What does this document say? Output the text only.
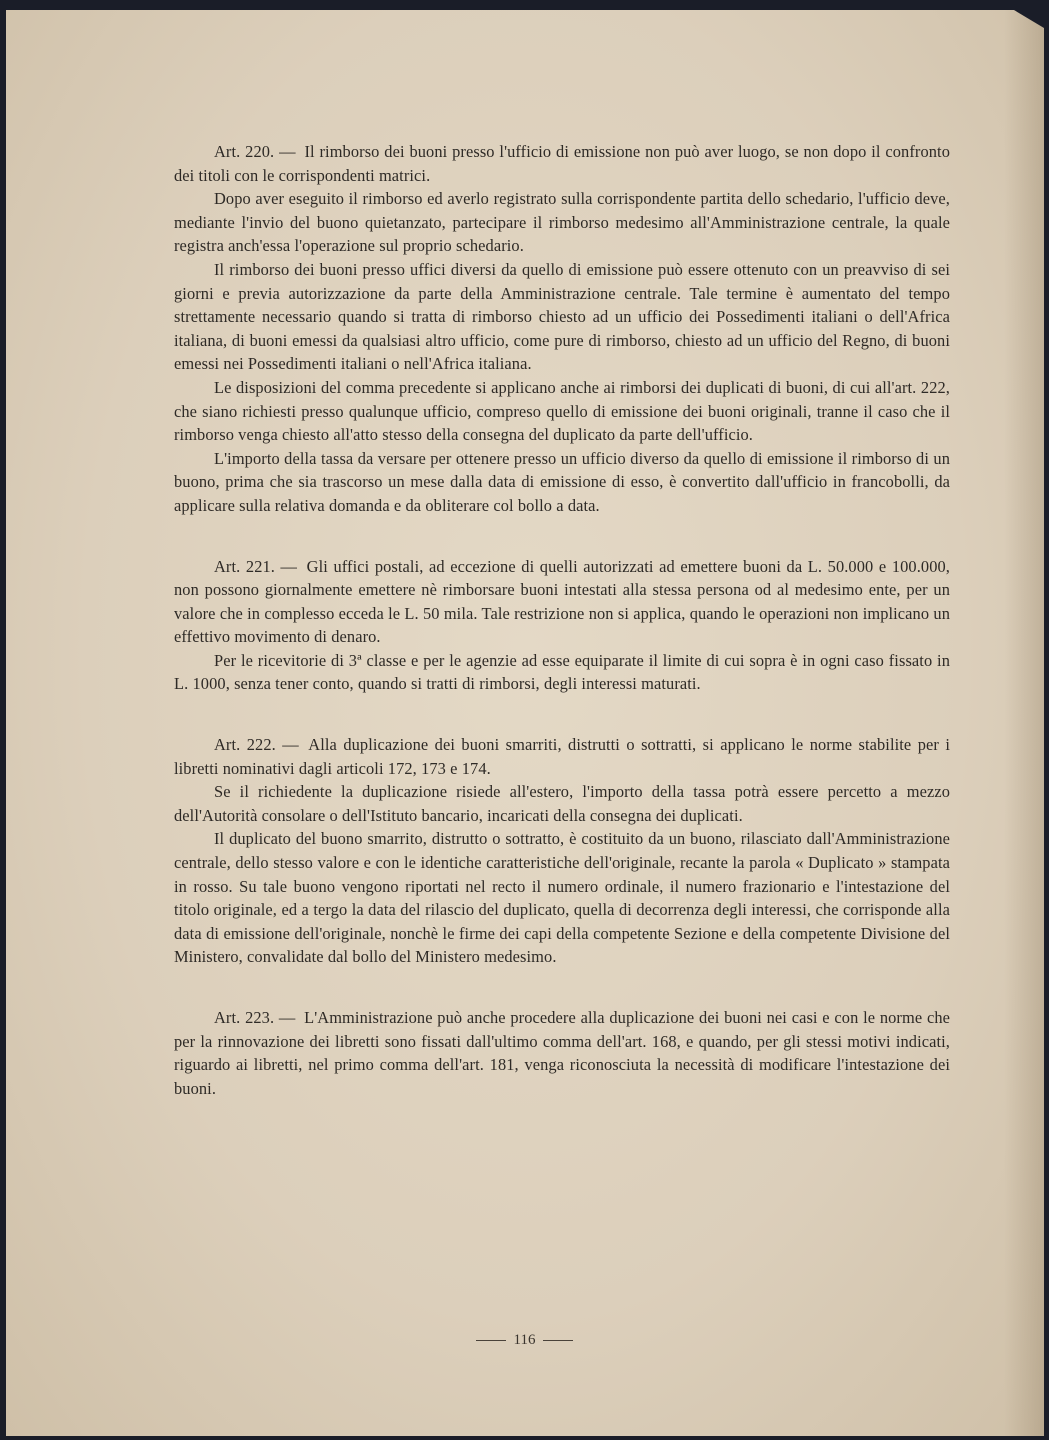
Art. 220. — Il rimborso dei buoni presso l'ufficio di emissione non può aver luogo, se non dopo il confronto dei titoli con le corrispondenti matrici.

Dopo aver eseguito il rimborso ed averlo registrato sulla corrispondente partita dello schedario, l'ufficio deve, mediante l'invio del buono quietanzato, partecipare il rimborso medesimo all'Amministrazione centrale, la quale registra anch'essa l'operazione sul proprio schedario.

Il rimborso dei buoni presso uffici diversi da quello di emissione può essere ottenuto con un preavviso di sei giorni e previa autorizzazione da parte della Amministrazione centrale. Tale termine è aumentato del tempo strettamente necessario quando si tratta di rimborso chiesto ad un ufficio dei Possedimenti italiani o dell'Africa italiana, di buoni emessi da qualsiasi altro ufficio, come pure di rimborso, chiesto ad un ufficio del Regno, di buoni emessi nei Possedimenti italiani o nell'Africa italiana.

Le disposizioni del comma precedente si applicano anche ai rimborsi dei duplicati di buoni, di cui all'art. 222, che siano richiesti presso qualunque ufficio, compreso quello di emissione dei buoni originali, tranne il caso che il rimborso venga chiesto all'atto stesso della consegna del duplicato da parte dell'ufficio.

L'importo della tassa da versare per ottenere presso un ufficio diverso da quello di emissione il rimborso di un buono, prima che sia trascorso un mese dalla data di emissione di esso, è convertito dall'ufficio in francobolli, da applicare sulla relativa domanda e da obliterare col bollo a data.

Art. 221. — Gli uffici postali, ad eccezione di quelli autorizzati ad emettere buoni da L. 50.000 e 100.000, non possono giornalmente emettere nè rimborsare buoni intestati alla stessa persona od al medesimo ente, per un valore che in complesso ecceda le L. 50 mila. Tale restrizione non si applica, quando le operazioni non implicano un effettivo movimento di denaro.

Per le ricevitorie di 3ª classe e per le agenzie ad esse equiparate il limite di cui sopra è in ogni caso fissato in L. 1000, senza tener conto, quando si tratti di rimborsi, degli interessi maturati.

Art. 222. — Alla duplicazione dei buoni smarriti, distrutti o sottratti, si applicano le norme stabilite per i libretti nominativi dagli articoli 172, 173 e 174.

Se il richiedente la duplicazione risiede all'estero, l'importo della tassa potrà essere percetto a mezzo dell'Autorità consolare o dell'Istituto bancario, incaricati della consegna dei duplicati.

Il duplicato del buono smarrito, distrutto o sottratto, è costituito da un buono, rilasciato dall'Amministrazione centrale, dello stesso valore e con le identiche caratteristiche dell'originale, recante la parola « Duplicato » stampata in rosso. Su tale buono vengono riportati nel recto il numero ordinale, il numero frazionario e l'intestazione del titolo originale, ed a tergo la data del rilascio del duplicato, quella di decorrenza degli interessi, che corrisponde alla data di emissione dell'originale, nonchè le firme dei capi della competente Sezione e della competente Divisione del Ministero, convalidate dal bollo del Ministero medesimo.

Art. 223. — L'Amministrazione può anche procedere alla duplicazione dei buoni nei casi e con le norme che per la rinnovazione dei libretti sono fissati dall'ultimo comma dell'art. 168, e quando, per gli stessi motivi indicati, riguardo ai libretti, nel primo comma dell'art. 181, venga riconosciuta la necessità di modificare l'intestazione dei buoni.

116
